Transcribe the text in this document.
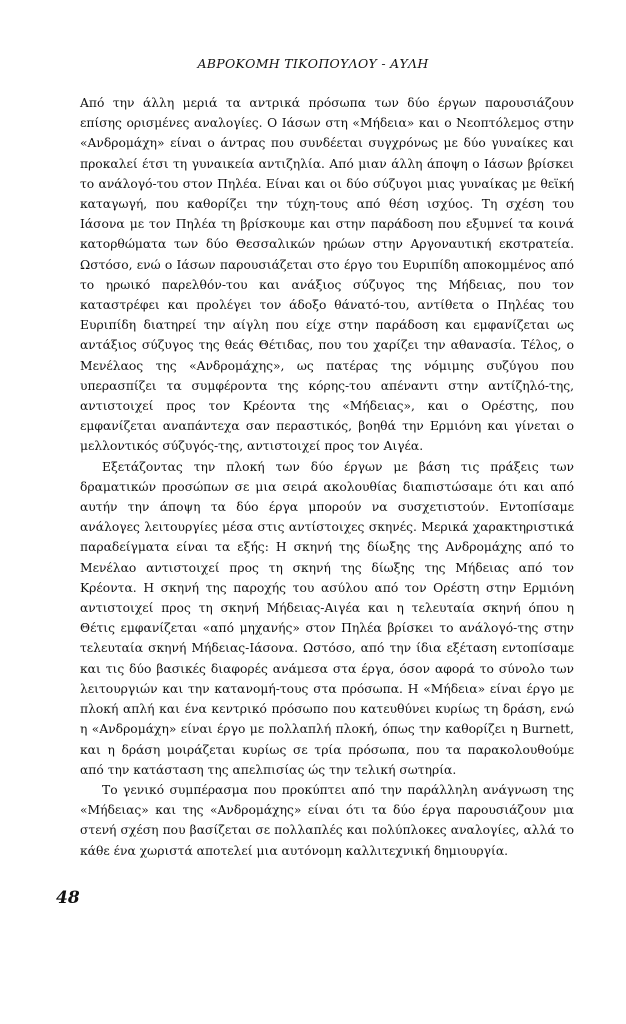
ΑΒΡΟΚΟΜΗ ΤΙΚΟΠΟΥΛΟΥ - ΑΥΛΗ

Από την άλλη μεριά τα αντρικά πρόσωπα των δύο έργων παρουσιάζουν επίσης ορισμένες αναλογίες. Ο Ιάσων στη «Μήδεια» και ο Νεοπτόλεμος στην «Ανδρομάχη» είναι ο άντρας που συνδέεται συγχρόνως με δύο γυναίκες και προκαλεί έτσι τη γυναικεία αντιζηλία. Από μιαν άλλη άποψη ο Ιάσων βρίσκει το ανάλογό-του στον Πηλέα. Είναι και οι δύο σύζυγοι μιας γυναίκας με θεϊκή καταγωγή, που καθορίζει την τύχη-τους από θέση ισχύος. Τη σχέση του Ιάσονα με τον Πηλέα τη βρίσκουμε και στην παράδοση που εξυμνεί τα κοινά κατορθώματα των δύο Θεσσαλικών ηρώων στην Αργοναυτική εκστρατεία. Ωστόσο, ενώ ο Ιάσων παρουσιάζεται στο έργο του Ευριπίδη αποκομμένος από το ηρωικό παρελθόν-του και ανάξιος σύζυγος της Μήδειας, που τον καταστρέφει και προλέγει τον άδοξο θάνατό-του, αντίθετα ο Πηλέας του Ευριπίδη διατηρεί την αίγλη που είχε στην παράδοση και εμφανίζεται ως αντάξιος σύζυγος της θεάς Θέτιδας, που του χαρίζει την αθανασία. Τέλος, ο Μενέλαος της «Ανδρομάχης», ως πατέρας της νόμιμης συζύγου που υπερασπίζει τα συμφέροντα της κόρης-του απέναντι στην αντίζηλό-της, αντιστοιχεί προς τον Κρέοντα της «Μήδειας», και ο Ορέστης, που εμφανίζεται αναπάντεχα σαν περαστικός, βοηθά την Ερμιόνη και γίνεται ο μελλοντικός σύζυγός-της, αντιστοιχεί προς τον Αιγέα.

Εξετάζοντας την πλοκή των δύο έργων με βάση τις πράξεις των δραματικών προσώπων σε μια σειρά ακολουθίας διαπιστώσαμε ότι και από αυτήν την άποψη τα δύο έργα μπορούν να συσχετιστούν. Εντοπίσαμε ανάλογες λειτουργίες μέσα στις αντίστοιχες σκηνές. Μερικά χαρακτηριστικά παραδείγματα είναι τα εξής: Η σκηνή της δίωξης της Ανδρομάχης από το Μενέλαο αντιστοιχεί προς τη σκηνή της δίωξης της Μήδειας από τον Κρέοντα. Η σκηνή της παροχής του ασύλου από τον Ορέστη στην Ερμιόνη αντιστοιχεί προς τη σκηνή Μήδειας-Αιγέα και η τελευταία σκηνή όπου η Θέτις εμφανίζεται «από μηχανής» στον Πηλέα βρίσκει το ανάλογό-της στην τελευταία σκηνή Μήδειας-Ιάσονα. Ωστόσο, από την ίδια εξέταση εντοπίσαμε και τις δύο βασικές διαφορές ανάμεσα στα έργα, όσον αφορά το σύνολο των λειτουργιών και την κατανομή-τους στα πρόσωπα. Η «Μήδεια» είναι έργο με πλοκή απλή και ένα κεντρικό πρόσωπο που κατευθύνει κυρίως τη δράση, ενώ η «Ανδρομάχη» είναι έργο με πολλαπλή πλοκή, όπως την καθορίζει η Burnett, και η δράση μοιράζεται κυρίως σε τρία πρόσωπα, που τα παρακολουθούμε από την κατάσταση της απελπισίας ώς την τελική σωτηρία.

Το γενικό συμπέρασμα που προκύπτει από την παράλληλη ανάγνωση της «Μήδειας» και της «Ανδρομάχης» είναι ότι τα δύο έργα παρουσιάζουν μια στενή σχέση που βασίζεται σε πολλαπλές και πολύπλοκες αναλογίες, αλλά το κάθε ένα χωριστά αποτελεί μια αυτόνομη καλλιτεχνική δημιουργία.

48
